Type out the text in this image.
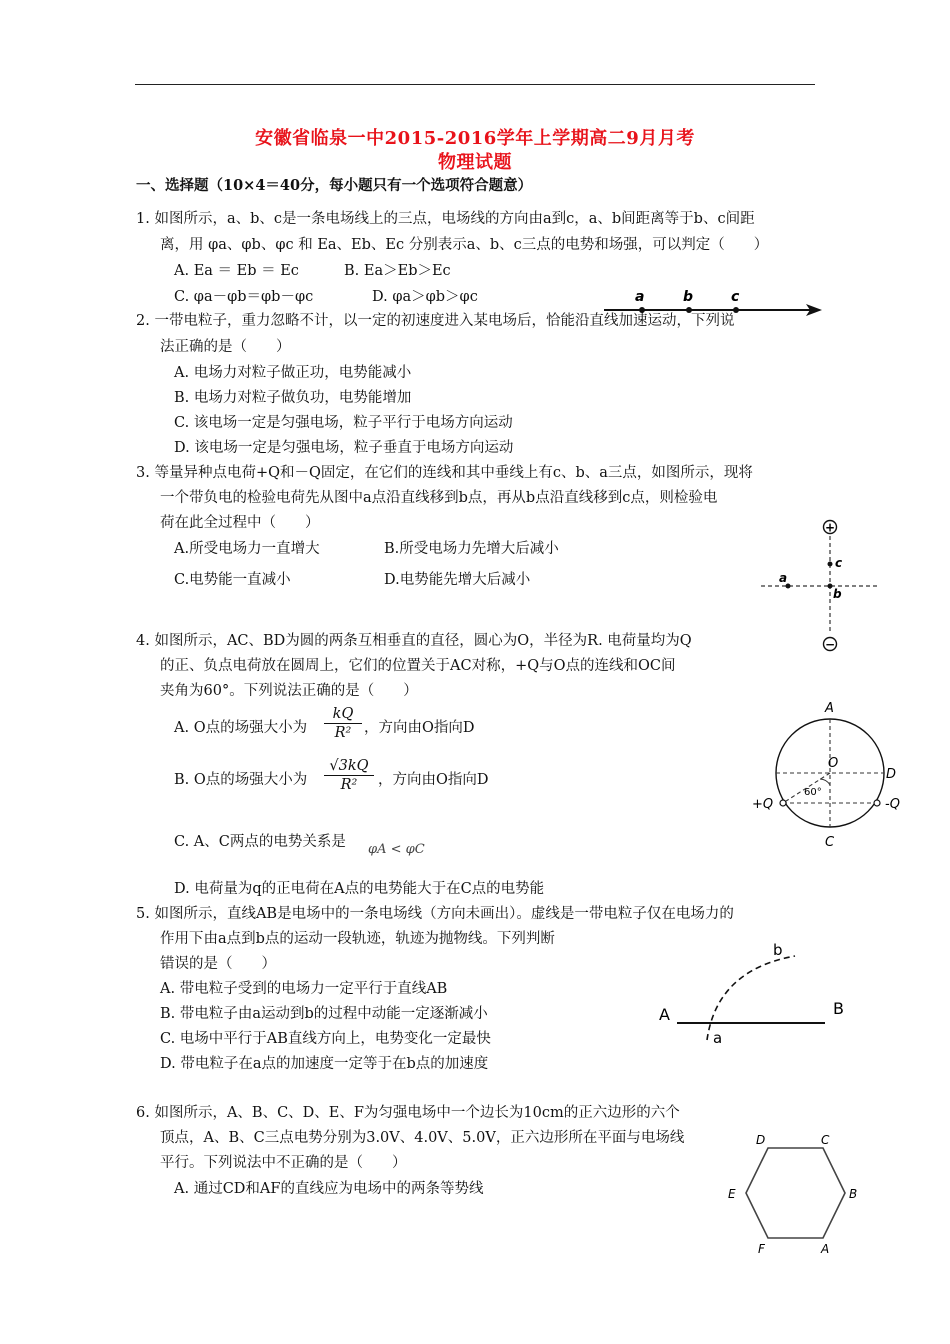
安徽省临泉一中2015-2016学年上学期高二9月月考
物理试题
一、选择题（10×4＝40分，每小题只有一个选项符合题意）
1. 如图所示，a、b、c是一条电场线上的三点，电场线的方向由a到c，a、b间距离等于b、c间距
离，用 φa、φb、φc 和 Ea、Eb、Ec 分别表示a、b、c三点的电势和场强，可以判定（　　）
A. Ea ＝ Eb ＝ Ec	B. Ea＞Eb＞Ec
C. φa－φb＝φb－φc	D. φa＞φb＞φc	a	b	c
2. 一带电粒子，重力忽略不计，以一定的初速度进入某电场后，恰能沿直线加速运动，下列说
法正确的是（　　）
A. 电场力对粒子做正功，电势能减小
B. 电场力对粒子做负功，电势能增加
C. 该电场一定是匀强电场，粒子平行于电场方向运动
D. 该电场一定是匀强电场，粒子垂直于电场方向运动
3. 等量异种点电荷+Q和－Q固定，在它们的连线和其中垂线上有c、b、a三点，如图所示，现将
一个带负电的检验电荷先从图中a点沿直线移到b点，再从b点沿直线移到c点，则检验电
荷在此全过程中（　　）
A.所受电场力一直增大	B.所受电场力先增大后减小
C.电势能一直减小	D.电势能先增大后减小
+
−
c
a
b
4. 如图所示，AC、BD为圆的两条互相垂直的直径，圆心为O，半径为R. 电荷量均为Q
的正、负点电荷放在圆周上，它们的位置关于AC对称，+Q与O点的连线和OC间
夹角为60°。下列说法正确的是（　　）
A. O点的场强大小为
kQ
R² ，方向由O指向D
B. O点的场强大小为
√3kQ
R²	，方向由O指向D
C. A、C两点的电势关系是 φA < φC
D. 电荷量为q的正电荷在A点的电势能大于在C点的电势能
A
O
D
60°
+Q	-Q
C
5. 如图所示，直线AB是电场中的一条电场线（方向未画出）。虚线是一带电粒子仅在电场力的
作用下由a点到b点的运动一段轨迹，轨迹为抛物线。下列判断
错误的是（　　）
A. 带电粒子受到的电场力一定平行于直线AB
B. 带电粒子由a运动到b的过程中动能一定逐渐减小
C. 电场中平行于AB直线方向上，电势变化一定最快
D. 带电粒子在a点的加速度一定等于在b点的加速度
A	B
a
b
6. 如图所示，A、B、C、D、E、F为匀强电场中一个边长为10cm的正六边形的六个
顶点，A、B、C三点电势分别为3.0V、4.0V、5.0V，正六边形所在平面与电场线
平行。下列说法中不正确的是（　　）
A. 通过CD和AF的直线应为电场中的两条等势线
D	C
E	B
F	A
